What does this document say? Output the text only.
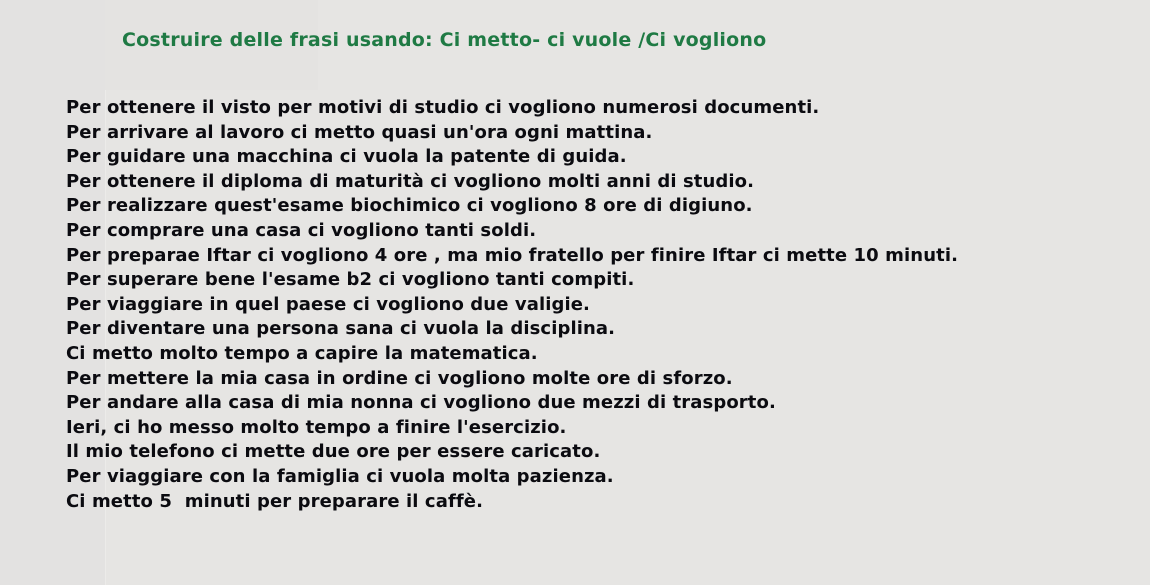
Costruire delle frasi usando: Ci metto- ci vuole /Ci vogliono
Per ottenere il visto per motivi di studio ci vogliono numerosi documenti.
Per arrivare al lavoro ci metto quasi un'ora ogni mattina.
Per guidare una macchina ci vuola la patente di guida.
Per ottenere il diploma di maturità ci vogliono molti anni di studio.
Per realizzare quest'esame biochimico ci vogliono 8 ore di digiuno.
Per comprare una casa ci vogliono tanti soldi.
Per preparae Iftar ci vogliono 4 ore , ma mio fratello per finire Iftar ci mette 10 minuti.
Per superare bene l'esame b2 ci vogliono tanti compiti.
Per viaggiare in quel paese ci vogliono due valigie.
Per diventare una persona sana ci vuola la disciplina.
Ci metto molto tempo a capire la matematica.
Per mettere la mia casa in ordine ci vogliono molte ore di sforzo.
Per andare alla casa di mia nonna ci vogliono due mezzi di trasporto.
Ieri, ci ho messo molto tempo a finire l'esercizio.
Il mio telefono ci mette due ore per essere caricato.
Per viaggiare con la famiglia ci vuola molta pazienza.
Ci metto 5  minuti per preparare il caffè.
